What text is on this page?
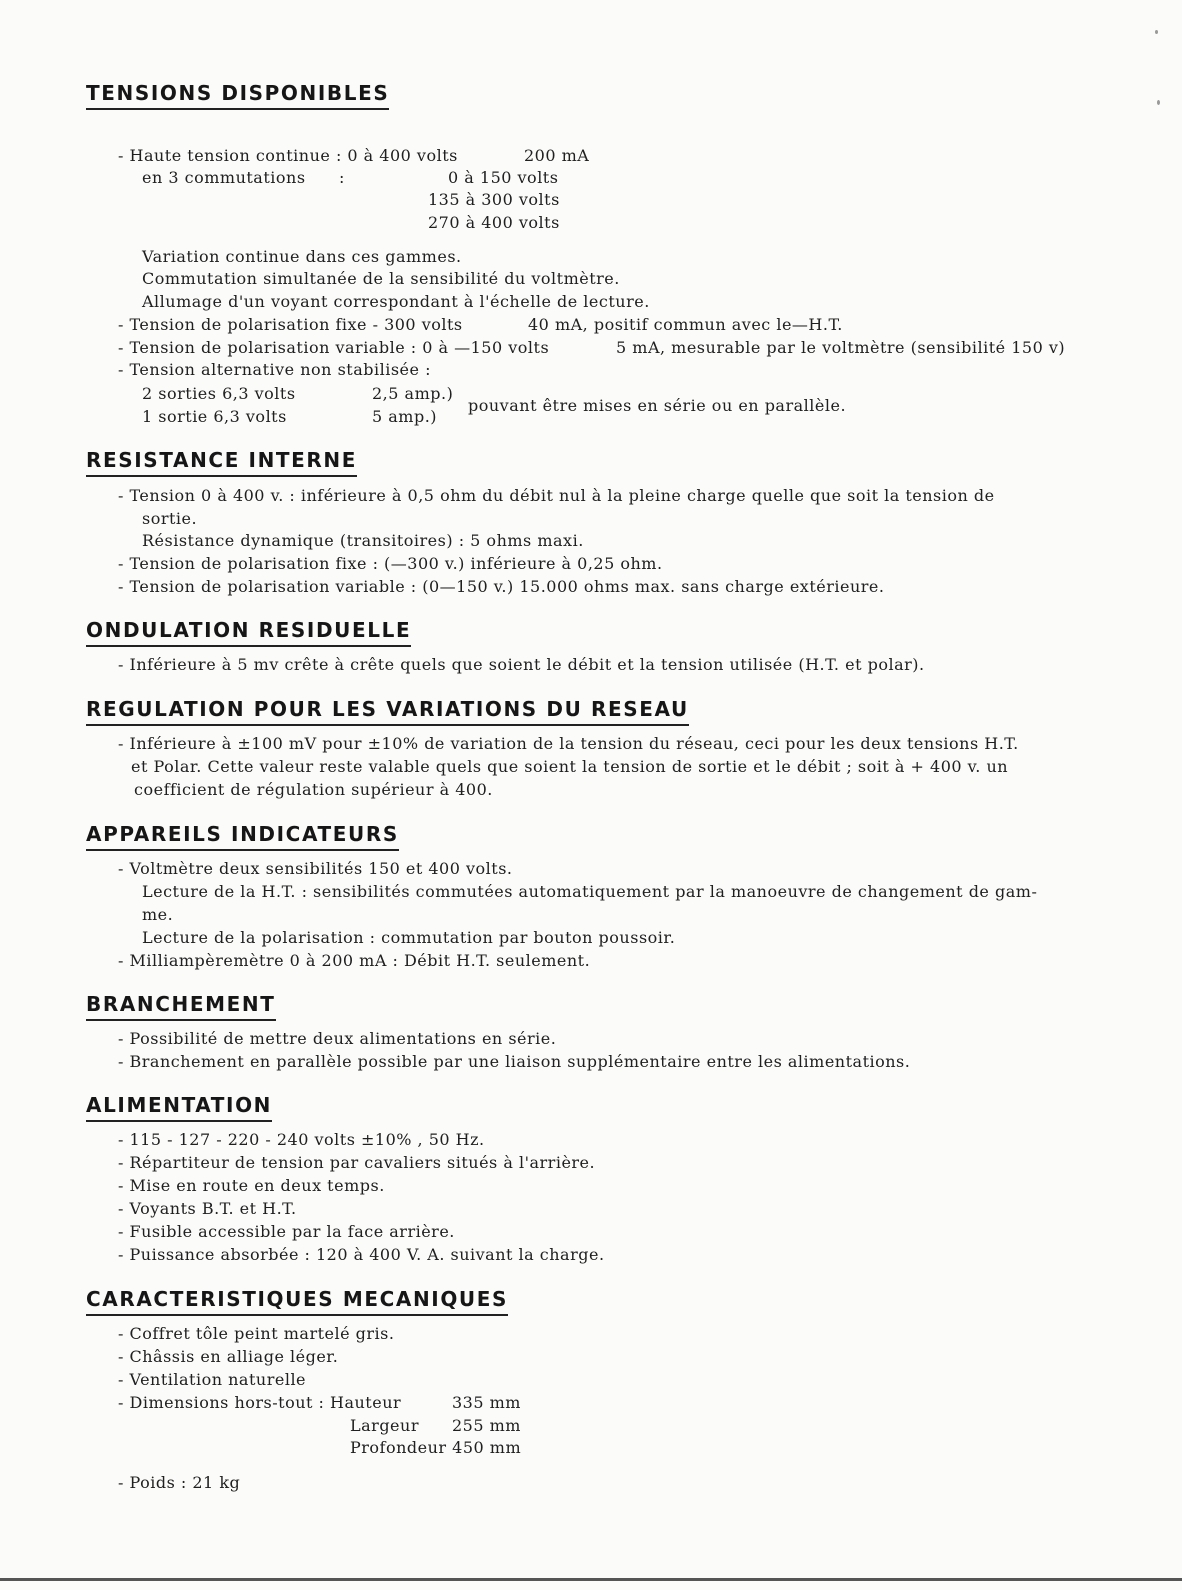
TENSIONS DISPONIBLES
- Haute tension continue : 0 à 400 volts	200 mA
en 3 commutations :	0 à 150 volts
135 à 300 volts
270 à 400 volts
Variation continue dans ces gammes.
Commutation simultanée de la sensibilité du voltmètre.
Allumage d'un voyant correspondant à l'échelle de lecture.
- Tension de polarisation fixe - 300 volts	40 mA, positif commun avec le—H.T.
- Tension de polarisation variable : 0 à —150 volts	5 mA, mesurable par le voltmètre (sensibilité 150 v)
- Tension alternative non stabilisée :
2 sorties 6,3 volts	2,5 amp.)
1 sortie 6,3 volts	5 amp.)
pouvant être mises en série ou en parallèle.
RESISTANCE INTERNE
- Tension 0 à 400 v. : inférieure à 0,5 ohm du débit nul à la pleine charge quelle que soit la tension de
sortie.
Résistance dynamique (transitoires) : 5 ohms maxi.
- Tension de polarisation fixe : (—300 v.) inférieure à 0,25 ohm.
- Tension de polarisation variable : (0—150 v.) 15.000 ohms max. sans charge extérieure.
ONDULATION RESIDUELLE
- Inférieure à 5 mv crête à crête quels que soient le débit et la tension utilisée (H.T. et polar).
REGULATION POUR LES VARIATIONS DU RESEAU
- Inférieure à ±100 mV pour ±10% de variation de la tension du réseau, ceci pour les deux tensions H.T.
et Polar. Cette valeur reste valable quels que soient la tension de sortie et le débit ; soit à + 400 v. un
coefficient de régulation supérieur à 400.
APPAREILS INDICATEURS
- Voltmètre deux sensibilités 150 et 400 volts.
Lecture de la H.T. : sensibilités commutées automatiquement par la manoeuvre de changement de gam-
me.
Lecture de la polarisation : commutation par bouton poussoir.
- Milliampèremètre 0 à 200 mA : Débit H.T. seulement.
BRANCHEMENT
- Possibilité de mettre deux alimentations en série.
- Branchement en parallèle possible par une liaison supplémentaire entre les alimentations.
ALIMENTATION
- 115 - 127 - 220 - 240 volts ±10% , 50 Hz.
- Répartiteur de tension par cavaliers situés à l'arrière.
- Mise en route en deux temps.
- Voyants B.T. et H.T.
- Fusible accessible par la face arrière.
- Puissance absorbée : 120 à 400 V. A. suivant la charge.
CARACTERISTIQUES MECANIQUES
- Coffret tôle peint martelé gris.
- Châssis en alliage léger.
- Ventilation naturelle
- Dimensions hors-tout : Hauteur	335 mm
Largeur 255 mm
Profondeur 450 mm
- Poids : 21 kg
